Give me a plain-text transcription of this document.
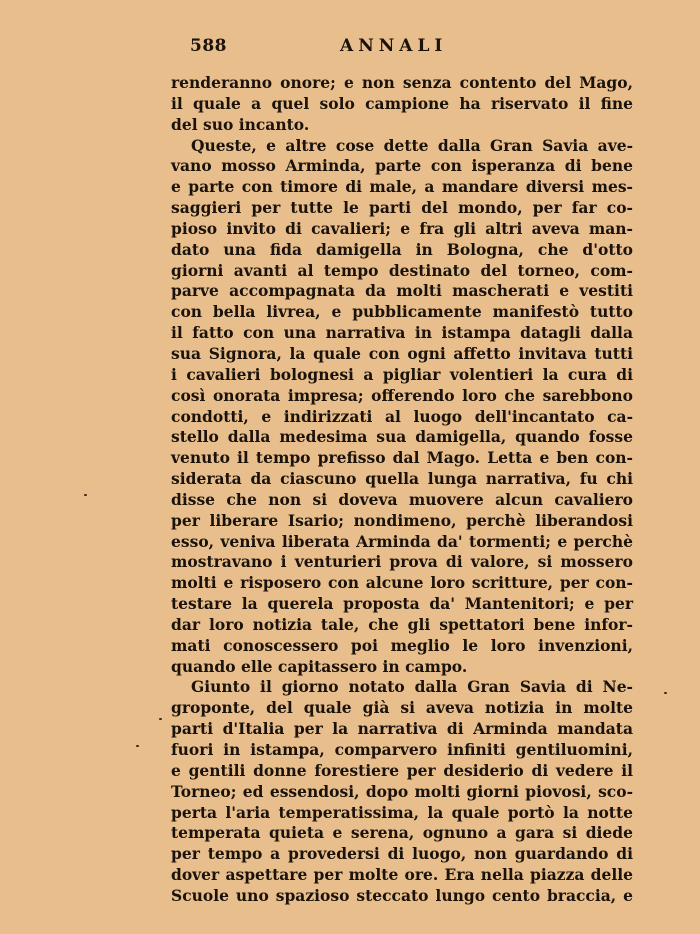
588	ANNALI
renderanno onore; e non senza contento del Mago,
il quale a quel solo campione ha riservato il fine
del suo incanto.
Queste, e altre cose dette dalla Gran Savia ave-
vano mosso Arminda, parte con isperanza di bene
e parte con timore di male, a mandare diversi mes-
saggieri per tutte le parti del mondo, per far co-
pioso invito di cavalieri; e fra gli altri aveva man-
dato una fida damigella in Bologna, che d'otto
giorni avanti al tempo destinato del torneo, com-
parve accompagnata da molti mascherati e vestiti
con bella livrea, e pubblicamente manifestò tutto
il fatto con una narrativa in istampa datagli dalla
sua Signora, la quale con ogni affetto invitava tutti
i cavalieri bolognesi a pigliar volentieri la cura di
così onorata impresa; offerendo loro che sarebbono
condotti, e indirizzati al luogo dell'incantato ca-
stello dalla medesima sua damigella, quando fosse
venuto il tempo prefisso dal Mago. Letta e ben con-
siderata da ciascuno quella lunga narrativa, fu chi
disse che non si doveva muovere alcun cavaliero
per liberare Isario; nondimeno, perchè liberandosi
esso, veniva liberata Arminda da' tormenti; e perchè
mostravano i venturieri prova di valore, si mossero
molti e risposero con alcune loro scritture, per con-
testare la querela proposta da' Mantenitori; e per
dar loro notizia tale, che gli spettatori bene infor-
mati conoscessero poi meglio le loro invenzioni,
quando elle capitassero in campo.
Giunto il giorno notato dalla Gran Savia di Ne-
groponte, del quale già si aveva notizia in molte
parti d'Italia per la narrativa di Arminda mandata
fuori in istampa, comparvero infiniti gentiluomini,
e gentili donne forestiere per desiderio di vedere il
Torneo; ed essendosi, dopo molti giorni piovosi, sco-
perta l'aria temperatissima, la quale portò la notte
temperata quieta e serena, ognuno a gara si diede
per tempo a provedersi di luogo, non guardando di
dover aspettare per molte ore. Era nella piazza delle
Scuole uno spazioso steccato lungo cento braccia, e
